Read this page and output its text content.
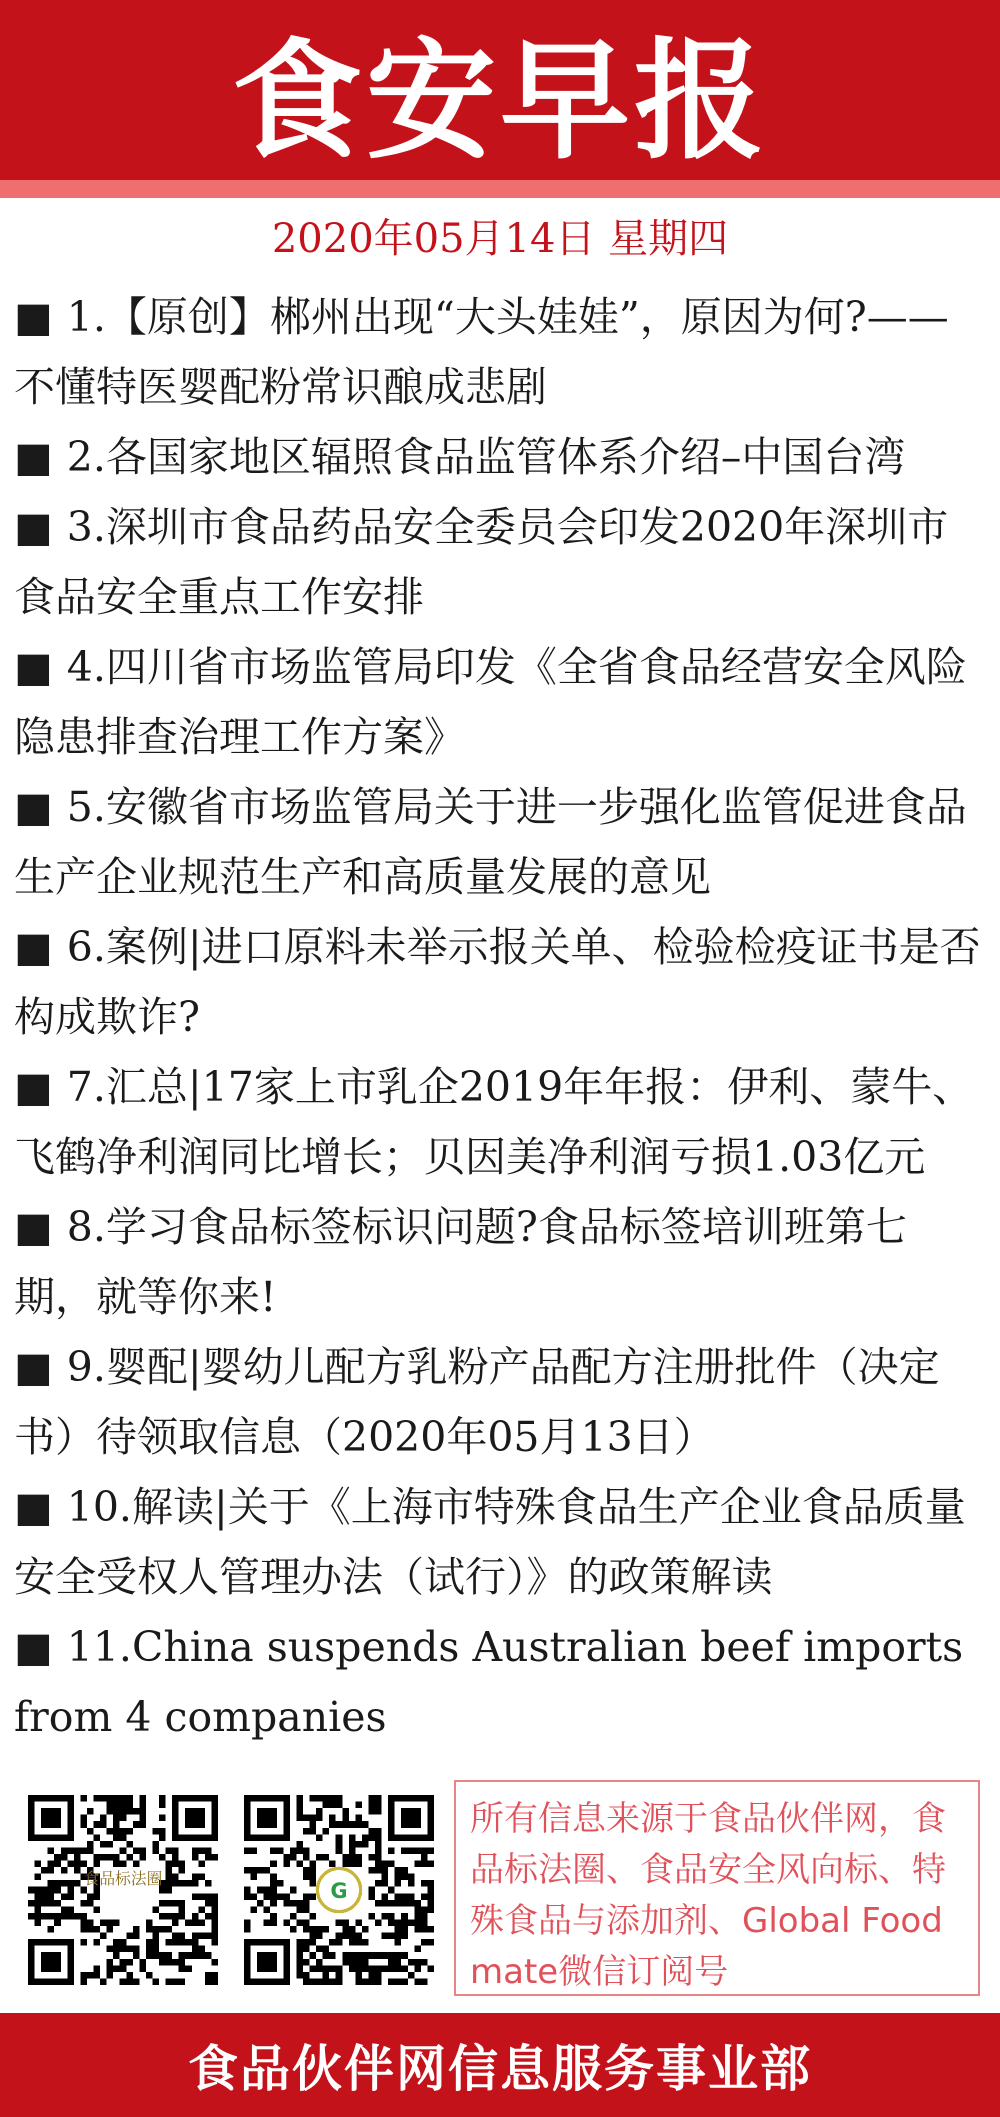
食安早报
2020年05月14日 星期四
■ 1.【原创】郴州出现“大头娃娃”，原因为何?——不懂特医婴配粉常识酿成悲剧
■ 2.各国家地区辐照食品监管体系介绍–中国台湾
■ 3.深圳市食品药品安全委员会印发2020年深圳市食品安全重点工作安排
■ 4.四川省市场监管局印发《全省食品经营安全风险隐患排查治理工作方案》
■ 5.安徽省市场监管局关于进一步强化监管促进食品生产企业规范生产和高质量发展的意见
■ 6.案例|进口原料未举示报关单、检验检疫证书是否构成欺诈?
■ 7.汇总|17家上市乳企2019年年报：伊利、蒙牛、飞鹤净利润同比增长；贝因美净利润亏损1.03亿元
■ 8.学习食品标签标识问题?食品标签培训班第七期，就等你来!
■ 9.婴配|婴幼儿配方乳粉产品配方注册批件（决定书）待领取信息（2020年05月13日）
■ 10.解读|关于《上海市特殊食品生产企业食品质量安全受权人管理办法（试行）》的政策解读
■ 11.China suspends Australian beef imports from 4 companies
食品标法圈
G
所有信息来源于食品伙伴网，食品标法圈、食品安全风向标、特殊食品与添加剂、Global Foodmate微信订阅号
食品伙伴网信息服务事业部
